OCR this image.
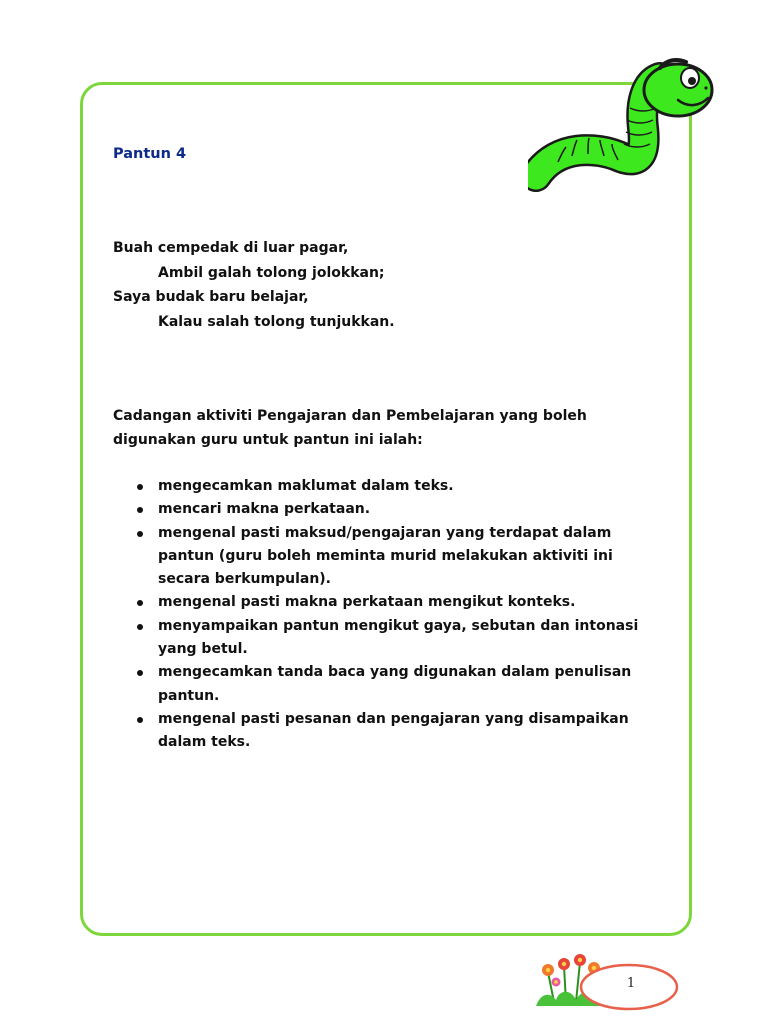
Pantun 4
Buah cempedak di luar pagar,
Ambil galah tolong jolokkan;
Saya budak baru belajar,
Kalau salah tolong tunjukkan.
Cadangan aktiviti Pengajaran dan Pembelajaran yang boleh
digunakan guru untuk pantun ini ialah:
mengecamkan maklumat dalam teks.
mencari makna perkataan.
mengenal pasti maksud/pengajaran yang terdapat dalam
pantun (guru boleh meminta murid melakukan aktiviti ini
secara berkumpulan).
mengenal pasti makna perkataan mengikut konteks.
menyampaikan pantun mengikut gaya, sebutan dan intonasi
yang betul.
mengecamkan tanda baca yang digunakan dalam penulisan
pantun.
mengenal pasti pesanan dan pengajaran yang disampaikan
dalam teks.
1
